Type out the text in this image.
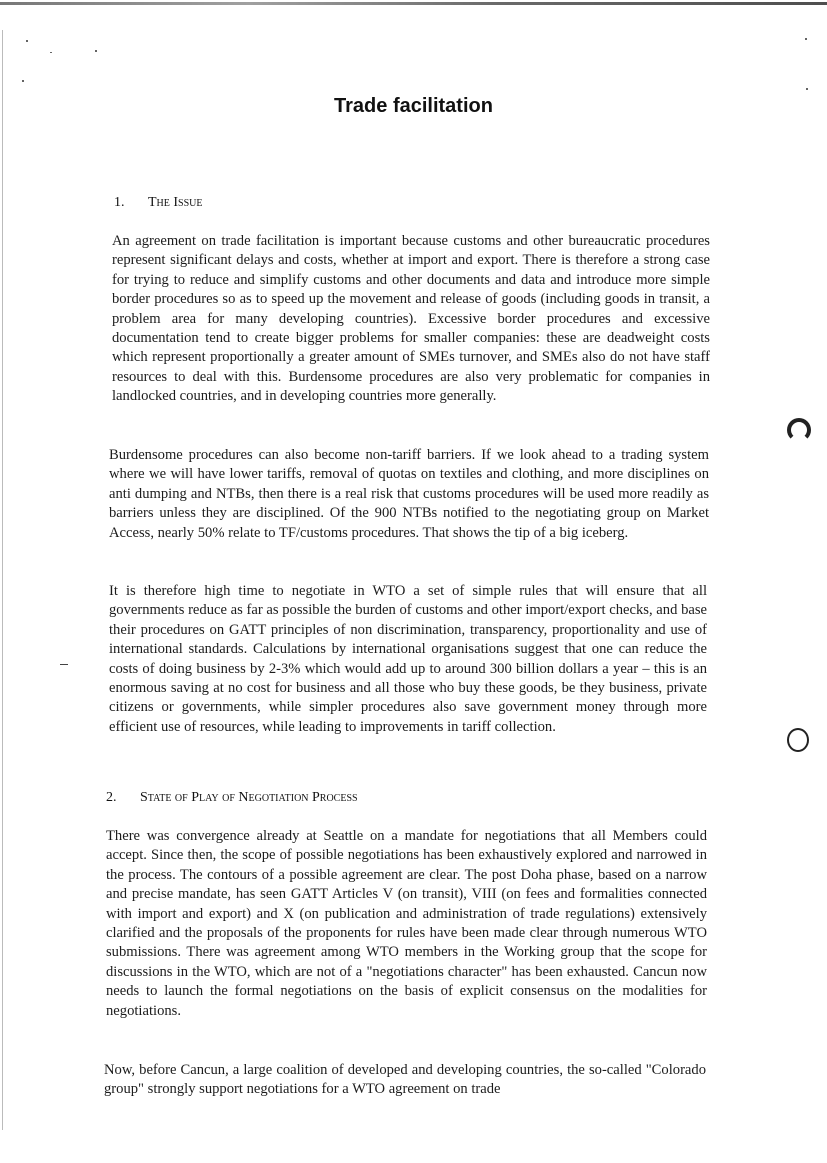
Trade facilitation
1. The Issue

An agreement on trade facilitation is important because customs and other bureaucratic procedures represent significant delays and costs, whether at import and export. There is therefore a strong case for trying to reduce and simplify customs and other documents and data and introduce more simple border procedures so as to speed up the movement and release of goods (including goods in transit, a problem area for many developing countries). Excessive border procedures and excessive documentation tend to create bigger problems for smaller companies: these are deadweight costs which represent proportionally a greater amount of SMEs turnover, and SMEs also do not have staff resources to deal with this. Burdensome procedures are also very problematic for companies in landlocked countries, and in developing countries more generally.

Burdensome procedures can also become non-tariff barriers. If we look ahead to a trading system where we will have lower tariffs, removal of quotas on textiles and clothing, and more disciplines on anti dumping and NTBs, then there is a real risk that customs procedures will be used more readily as barriers unless they are disciplined. Of the 900 NTBs notified to the negotiating group on Market Access, nearly 50% relate to TF/customs procedures. That shows the tip of a big iceberg.

It is therefore high time to negotiate in WTO a set of simple rules that will ensure that all governments reduce as far as possible the burden of customs and other import/export checks, and base their procedures on GATT principles of non discrimination, transparency, proportionality and use of international standards. Calculations by international organisations suggest that one can reduce the costs of doing business by 2-3% which would add up to around 300 billion dollars a year – this is an enormous saving at no cost for business and all those who buy these goods, be they business, private citizens or governments, while simpler procedures also save government money through more efficient use of resources, while leading to improvements in tariff collection.

2. State of Play of Negotiation Process

There was convergence already at Seattle on a mandate for negotiations that all Members could accept. Since then, the scope of possible negotiations has been exhaustively explored and narrowed in the process. The contours of a possible agreement are clear. The post Doha phase, based on a narrow and precise mandate, has seen GATT Articles V (on transit), VIII (on fees and formalities connected with import and export) and X (on publication and administration of trade regulations) extensively clarified and the proposals of the proponents for rules have been made clear through numerous WTO submissions. There was agreement among WTO members in the Working group that the scope for discussions in the WTO, which are not of a "negotiations character" has been exhausted. Cancun now needs to launch the formal negotiations on the basis of explicit consensus on the modalities for negotiations.

Now, before Cancun, a large coalition of developed and developing countries, the so-called "Colorado group" strongly support negotiations for a WTO agreement on trade
